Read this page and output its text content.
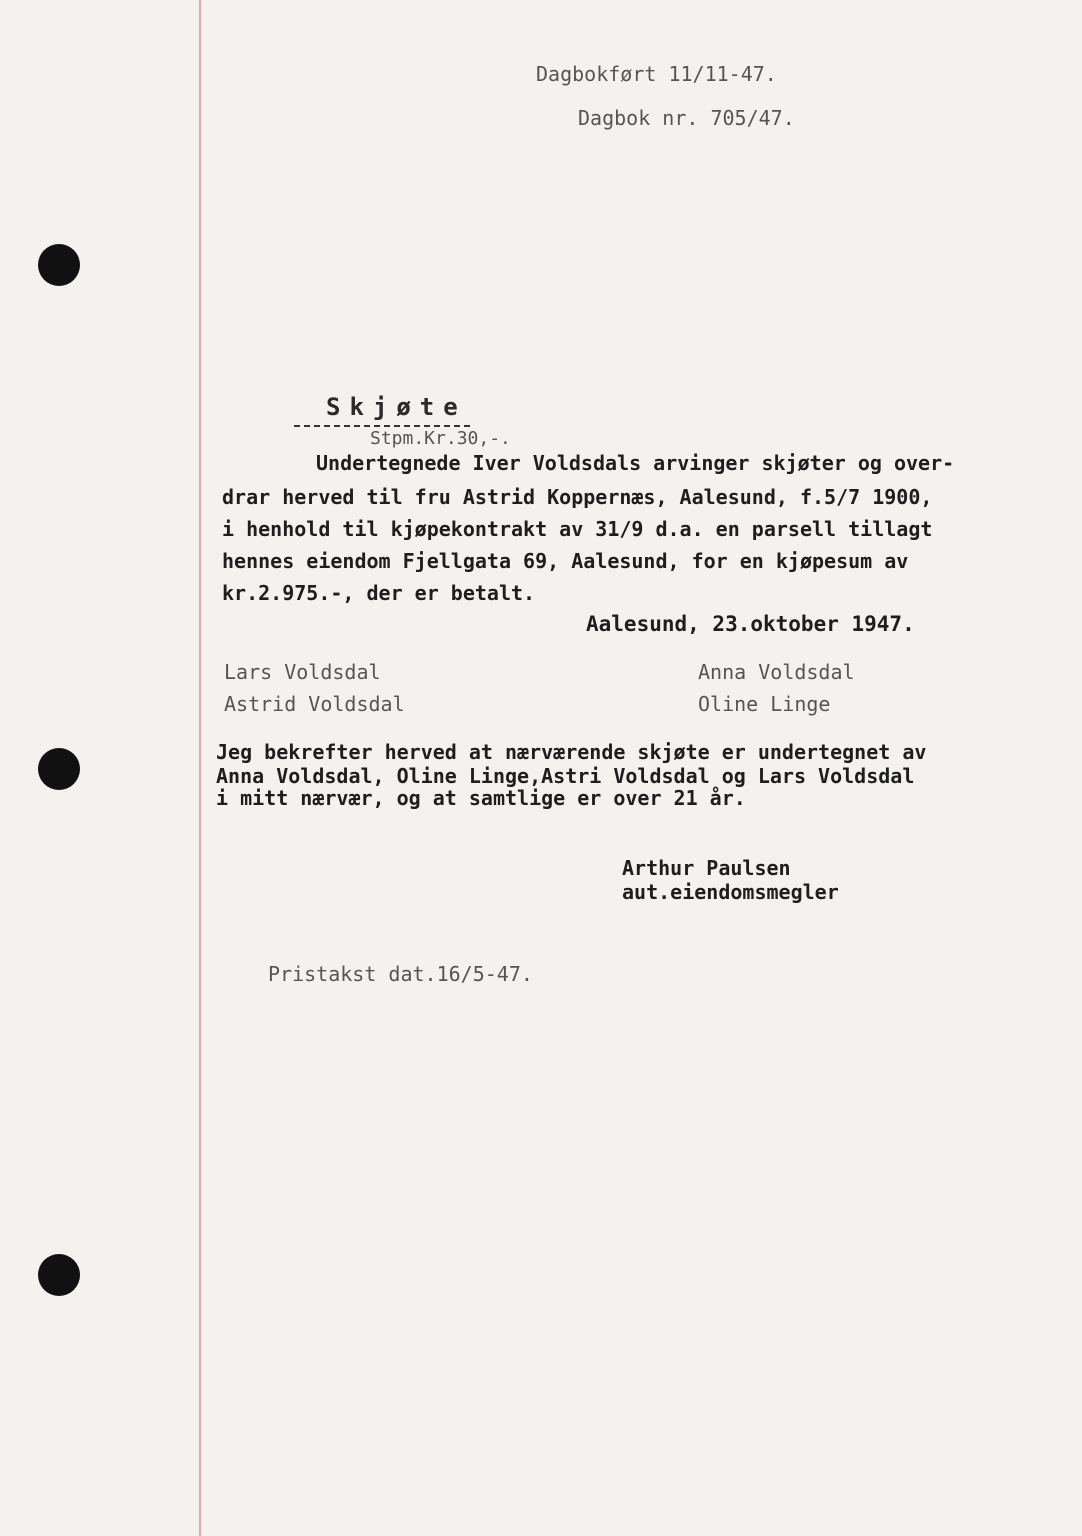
Dagbokført 11/11-47.
Dagbok nr. 705/47.
Skjøte
Stpm.Kr.30,-.
Undertegnede Iver Voldsdals arvinger skjøter og over-
drar herved til fru Astrid Koppernæs, Aalesund, f.5/7 1900,
i henhold til kjøpekontrakt av 31/9 d.a. en parsell tillagt
hennes eiendom Fjellgata 69, Aalesund, for en kjøpesum av
kr.2.975.-, der er betalt.
Aalesund, 23.oktober 1947.
Lars Voldsdal
Astrid Voldsdal
Anna Voldsdal
Oline Linge
Jeg bekrefter herved at nærværende skjøte er undertegnet av
Anna Voldsdal, Oline Linge,Astri Voldsdal og Lars Voldsdal
i mitt nærvær, og at samtlige er over 21 år.
Arthur Paulsen
aut.eiendomsmegler
Pristakst dat.16/5-47.
